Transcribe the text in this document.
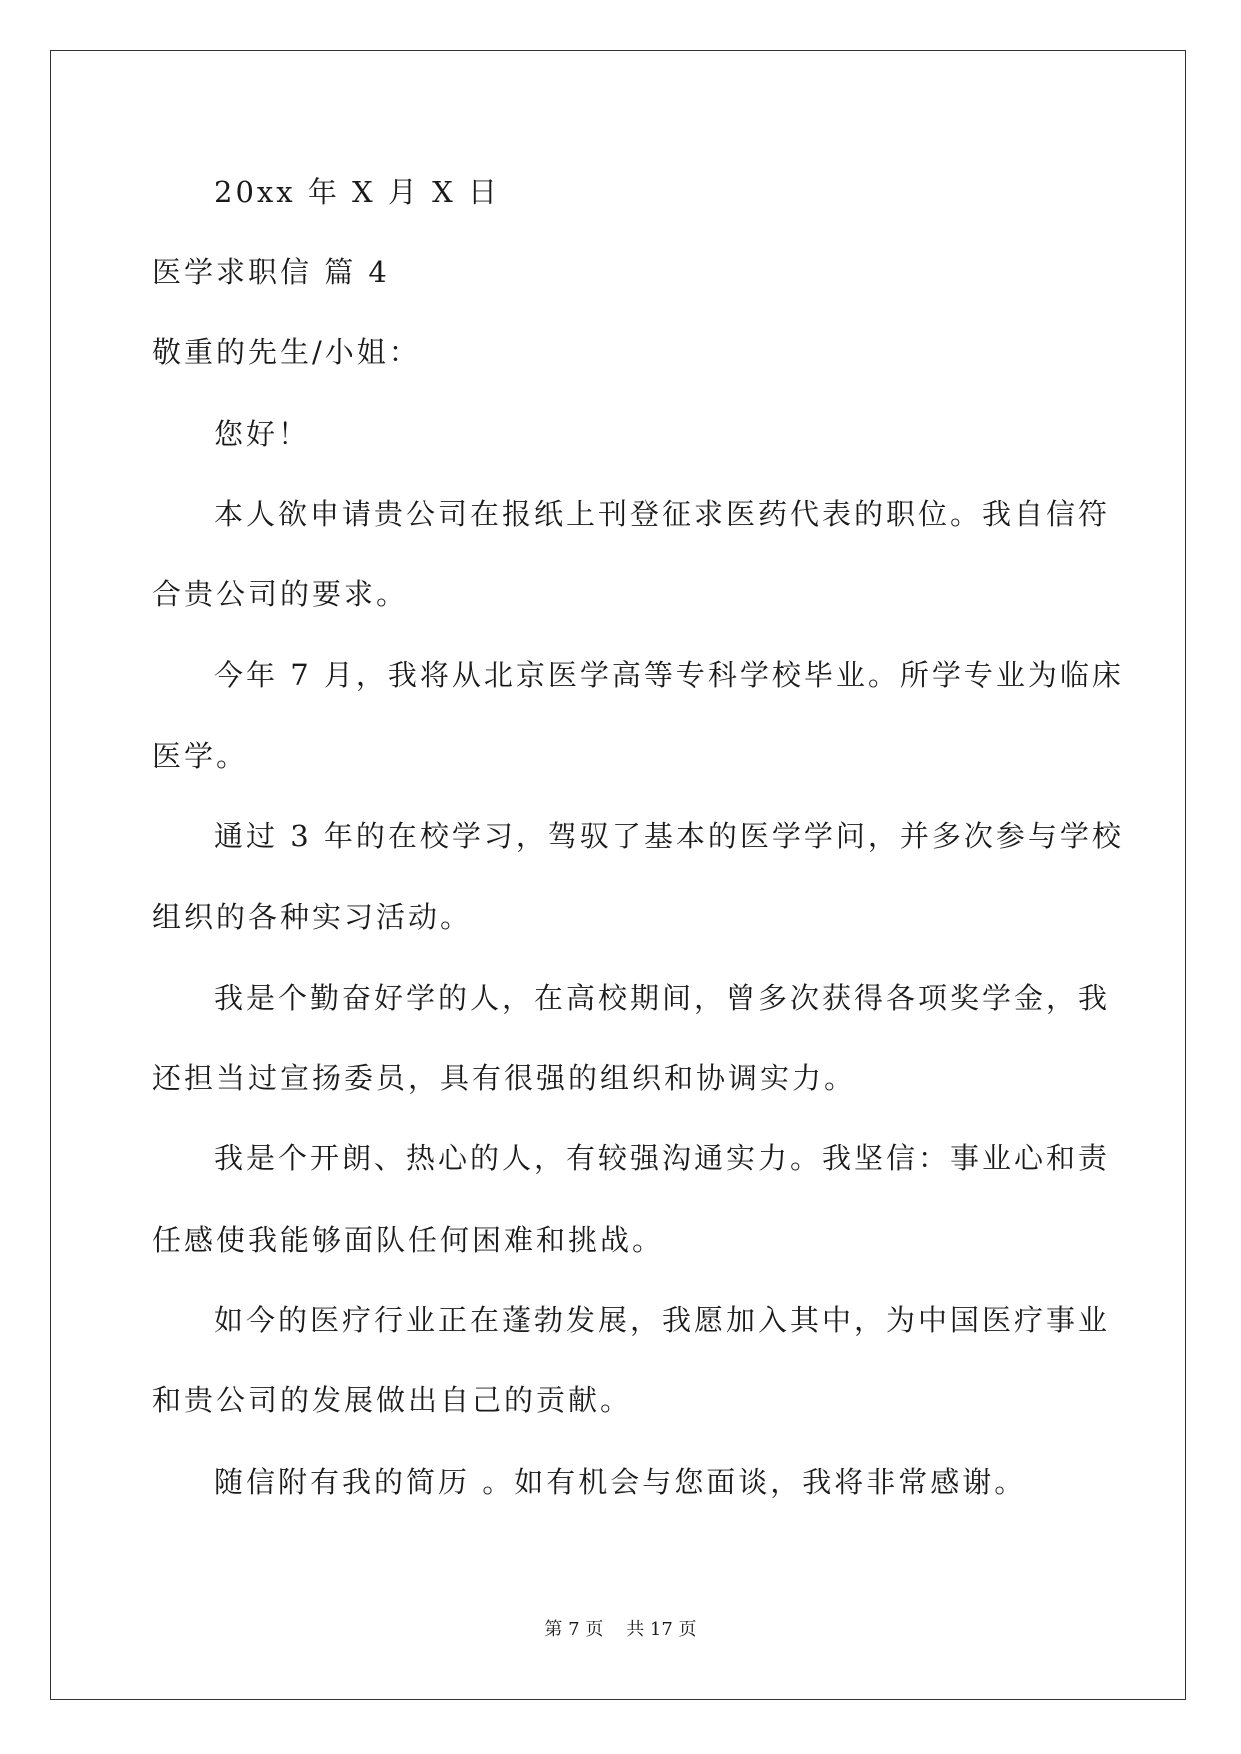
20xx 年 X 月 X 日
医学求职信 篇 4
敬重的先生/小姐：
您好！
本人欲申请贵公司在报纸上刊登征求医药代表的职位。我自信符
合贵公司的要求。
今年 7 月，我将从北京医学高等专科学校毕业。所学专业为临床
医学。
通过 3 年的在校学习，驾驭了基本的医学学问，并多次参与学校
组织的各种实习活动。
我是个勤奋好学的人，在高校期间，曾多次获得各项奖学金，我
还担当过宣扬委员，具有很强的组织和协调实力。
我是个开朗、热心的人，有较强沟通实力。我坚信：事业心和责
任感使我能够面队任何困难和挑战。
如今的医疗行业正在蓬勃发展，我愿加入其中，为中国医疗事业
和贵公司的发展做出自己的贡献。
随信附有我的简历 。如有机会与您面谈，我将非常感谢。
第 7 页    共 17 页
